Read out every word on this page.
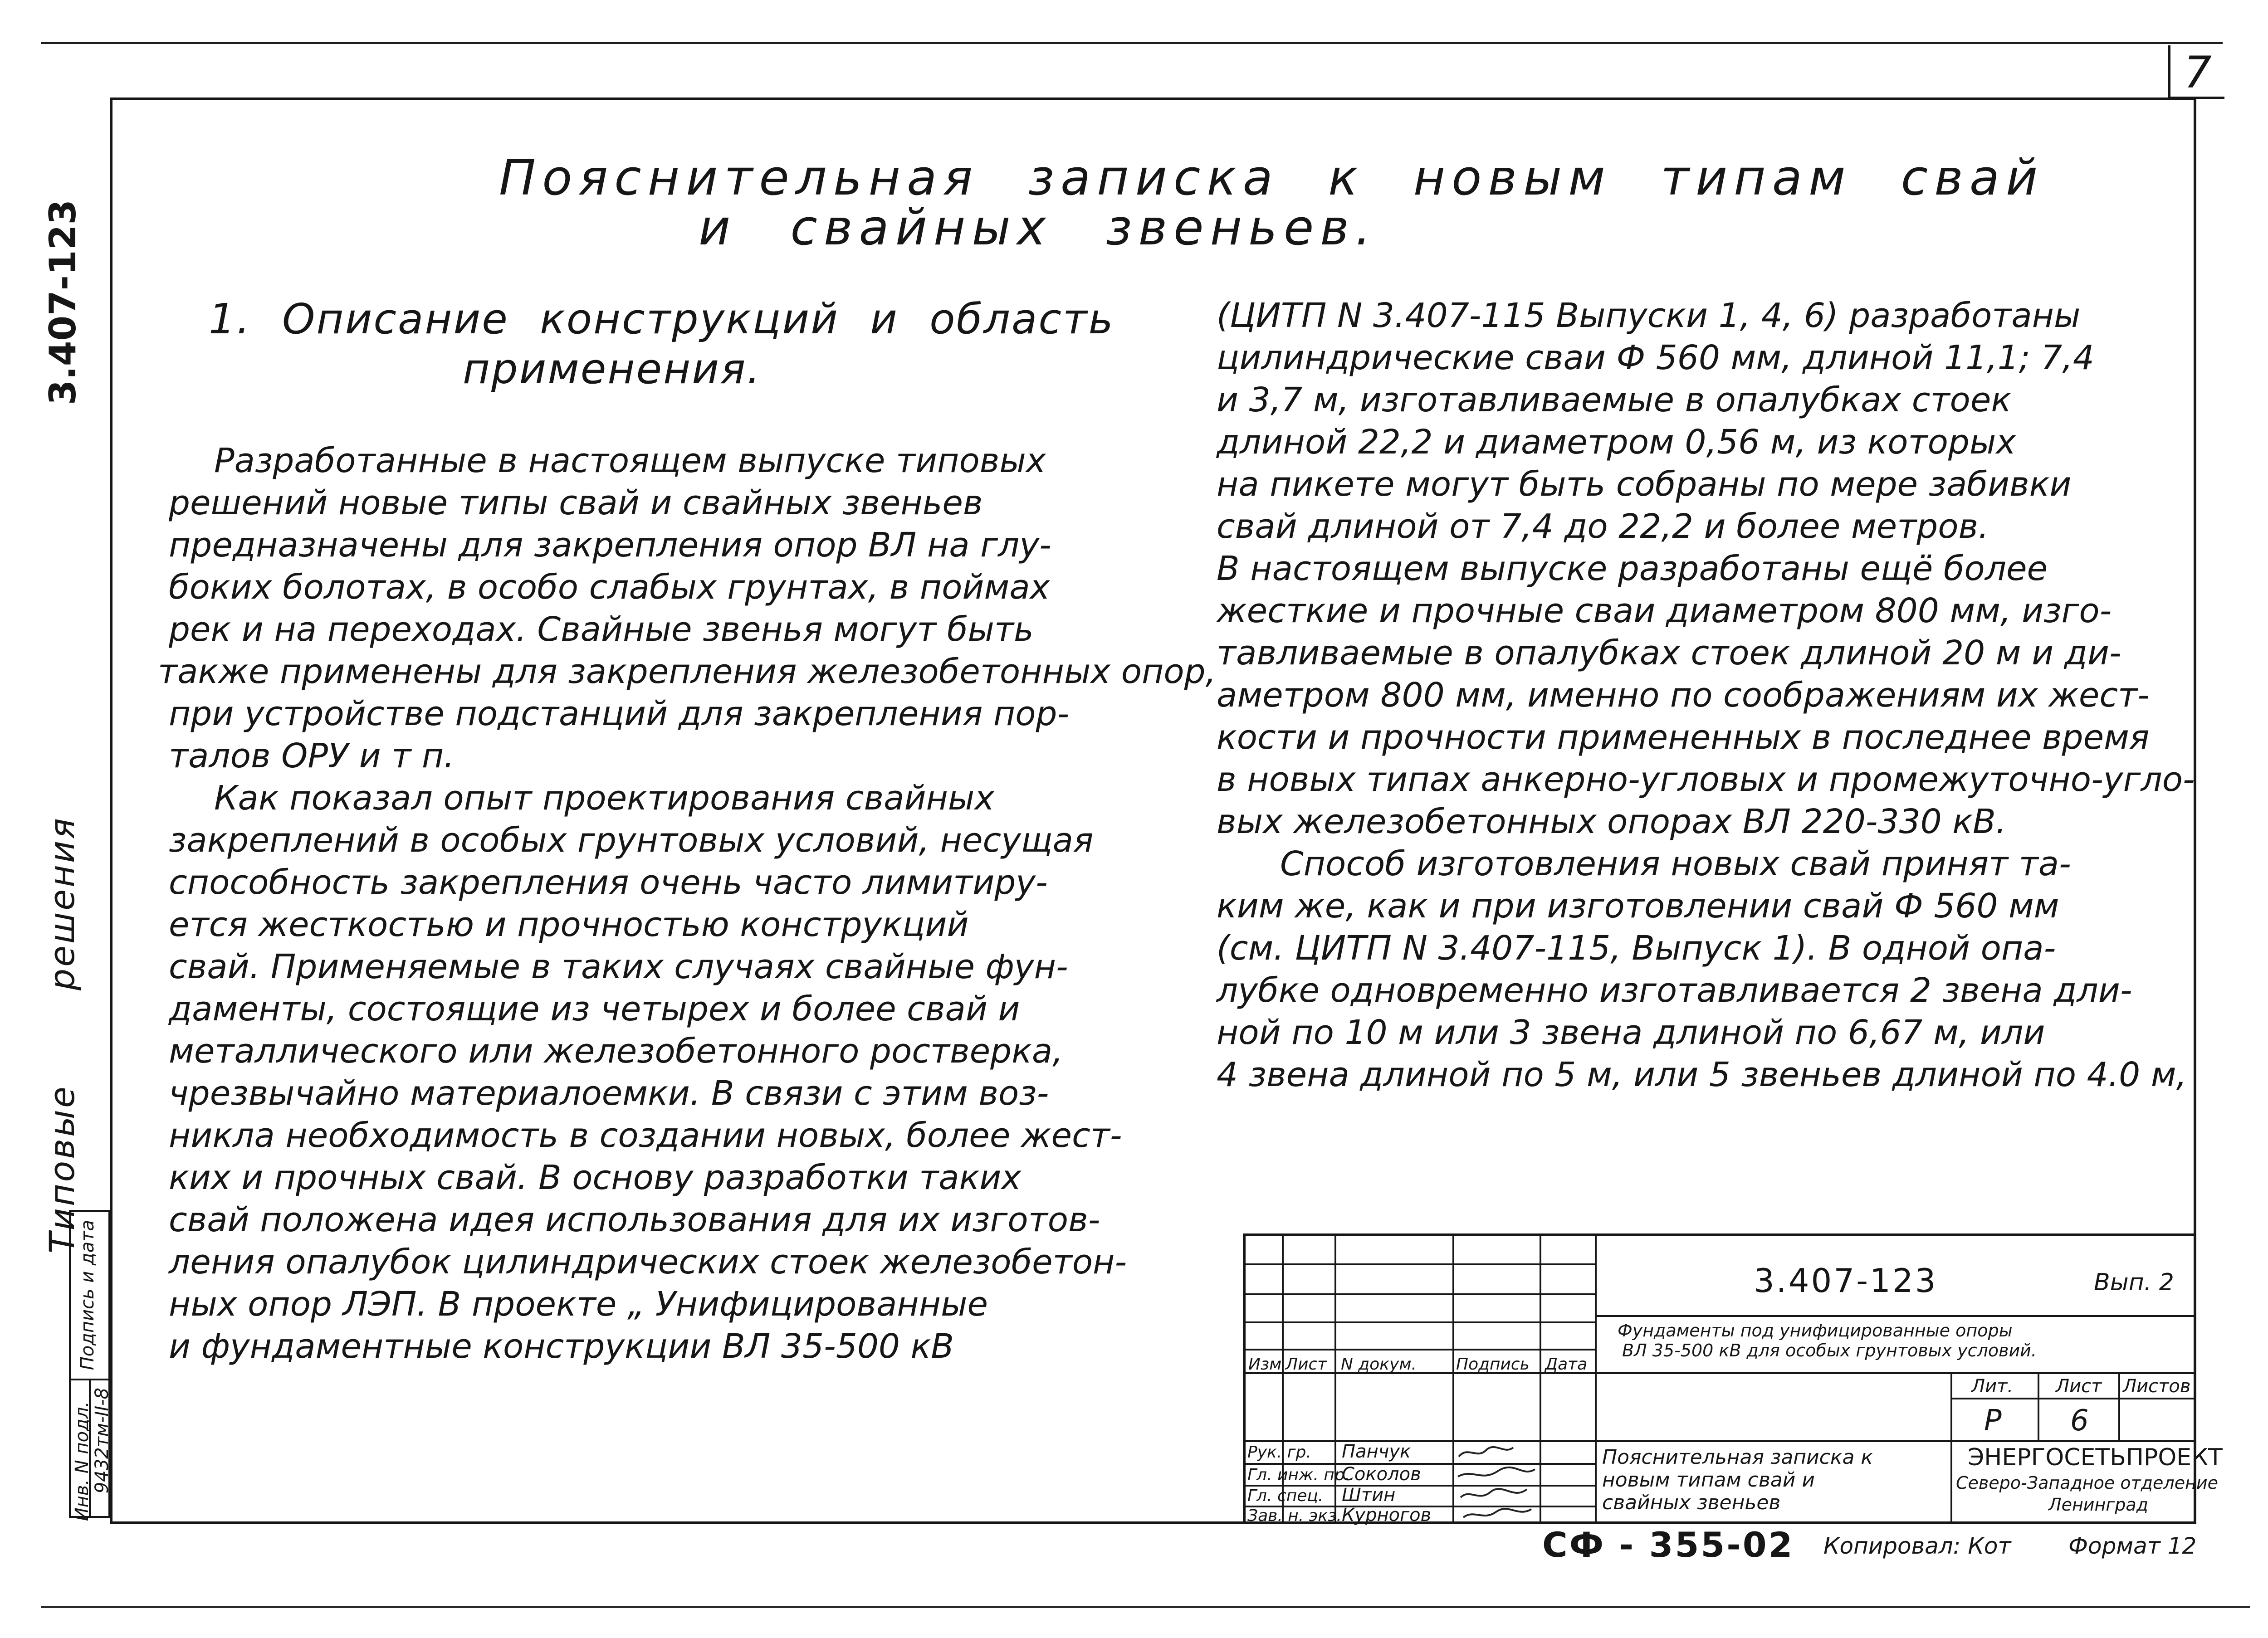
7
3.407-123
Типовые решения
Пояснительная записка к новым типам свай
и свайных звеньев.
1. Описание конструкций и область
применения.
Разработанные в настоящем выпуске типовых
решений новые типы свай и свайных звеньев
предназначены для закрепления опор ВЛ на глу-
боких болотах, в особо слабых грунтах, в поймах
рек и на переходах. Свайные звенья могут быть
также применены для закрепления железобетонных опор,
при устройстве подстанций для закрепления пор-
талов ОРУ и т п.
Как показал опыт проектирования свайных
закреплений в особых грунтовых условий, несущая
способность закрепления очень часто лимитиру-
ется жесткостью и прочностью конструкций
свай. Применяемые в таких случаях свайные фун-
даменты, состоящие из четырех и более свай и
металлического или железобетонного ростверка,
чрезвычайно материалоемки. В связи с этим воз-
никла необходимость в создании новых, более жест-
ких и прочных свай. В основу разработки таких
свай положена идея использования для их изготов-
ления опалубок цилиндрических стоек железобетон-
ных опор ЛЭП. В проекте „ Унифицированные
и фундаментные конструкции ВЛ 35-500 кВ
(ЦИТП N 3.407-115 Выпуски 1, 4, 6) разработаны
цилиндрические сваи Ф 560 мм, длиной 11,1; 7,4
и 3,7 м, изготавливаемые в опалубках стоек
длиной 22,2 и диаметром 0,56 м, из которых
на пикете могут быть собраны по мере забивки
свай длиной от 7,4 до 22,2 и более метров.
В настоящем выпуске разработаны ещё более
жесткие и прочные сваи диаметром 800 мм, изго-
тавливаемые в опалубках стоек длиной 20 м и ди-
аметром 800 мм, именно по соображениям их жест-
кости и прочности примененных в последнее время
в новых типах анкерно-угловых и промежуточно-угло-
вых железобетонных опорах ВЛ 220-330 кВ.
Способ изготовления новых свай принят та-
ким же, как и при изготовлении свай Ф 560 мм
(см. ЦИТП N 3.407-115, Выпуск 1). В одной опа-
лубке одновременно изготавливается 2 звена дли-
ной по 10 м или 3 звена длиной по 6,67 м, или
4 звена длиной по 5 м, или 5 звеньев длиной по 4.0 м,
Подпись и дата
Инв. N подл.
9432тм-II-8
3.407-123	Вып. 2
Фундаменты под унифицированные опоры
ВЛ 35-500 кВ для особых грунтовых условий.
Изм Лист N докум. Подпись Дата
Лит. Лист Листов
Р 6
Рук. гр.
Гл. инж. пр.
Гл. спец.
Зав. н. экз.
Панчук
Соколов
Штин
Курногов
Пояснительная записка к
новым типам свай и
свайных звеньев
ЭНЕРГОСЕТЬПРОЕКТ
Северо-Западное отделение
Ленинград
СФ - 355-02 Копировал: Кот	Формат 12
